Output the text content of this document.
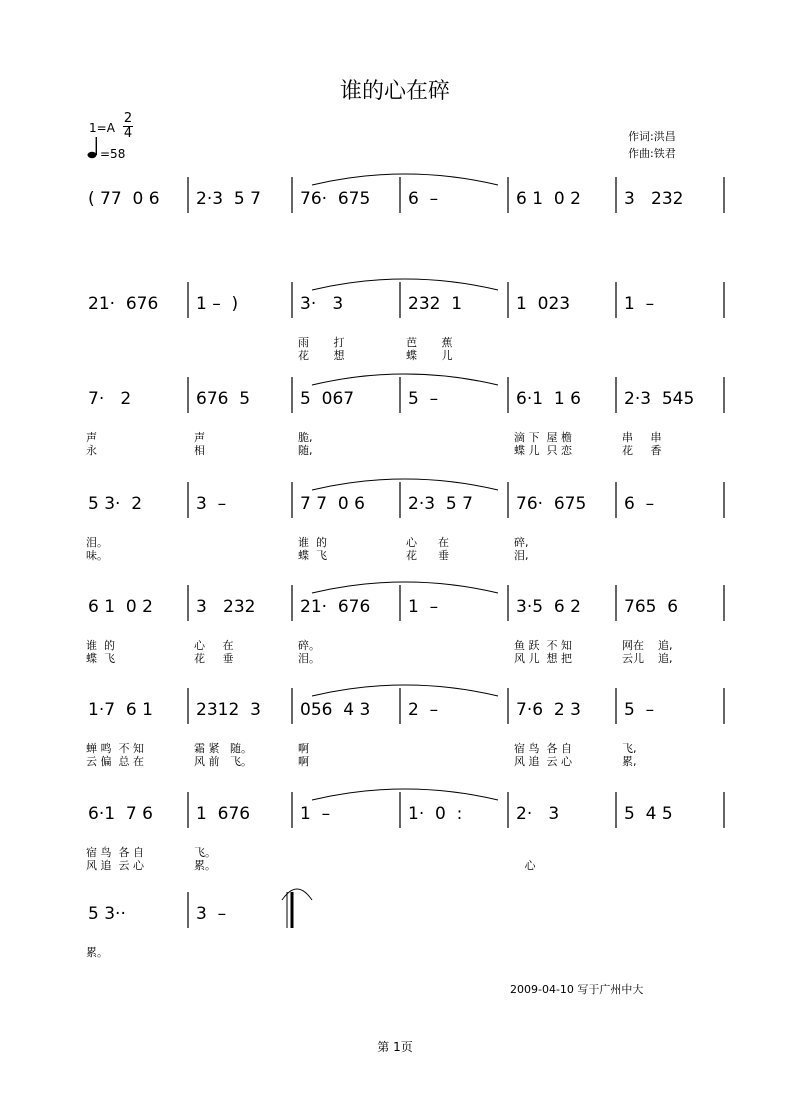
谁的心在碎
1=A
2
4
=58
作词:洪昌
作曲:铁君
( 77  0 6	2·3  5 7	76·  675	6  –	6 1  0 2	3   232
21·  676	1 –  )	3·   3
雨       打
花       想
232  1
芭       蕉
蝶       儿
1  023	1  –
7·   2
声
永
676  5
声
相
5  067
脆,
随,
5  –	6·1  1 6
滴 下  屋 檐
蝶 儿  只 恋
2·3  545
串     串
花     香
5 3·  2
泪。
味。
3  –	7 7  0 6
谁  的
蝶  飞
2·3  5 7
心      在
花      垂
76·  675
碎,
泪,
6  –
6 1  0 2
谁  的
蝶  飞
3   232
心     在
花     垂
21·  676
碎。
泪。
1  –	3·5  6 2
鱼 跃  不 知
风 儿  想 把
765  6
网在    追,
云儿    追,
1·7  6 1
蝉 鸣  不 知
云 偏  总 在
2312  3
霜 紧   随。
风 前   飞。
056  4 3
啊
啊
2  –	7·6  2 3
宿 鸟  各 自
风 追  云 心
5  –
飞,
累,
6·1  7 6
宿 鸟  各 自
风 追  云 心
1  676
飞。
累。
1  –	1·  0  :	2·   3
心
5  4 5
5 3··
累。
3  –
2009-04-10 写于广州中大
第 1页
